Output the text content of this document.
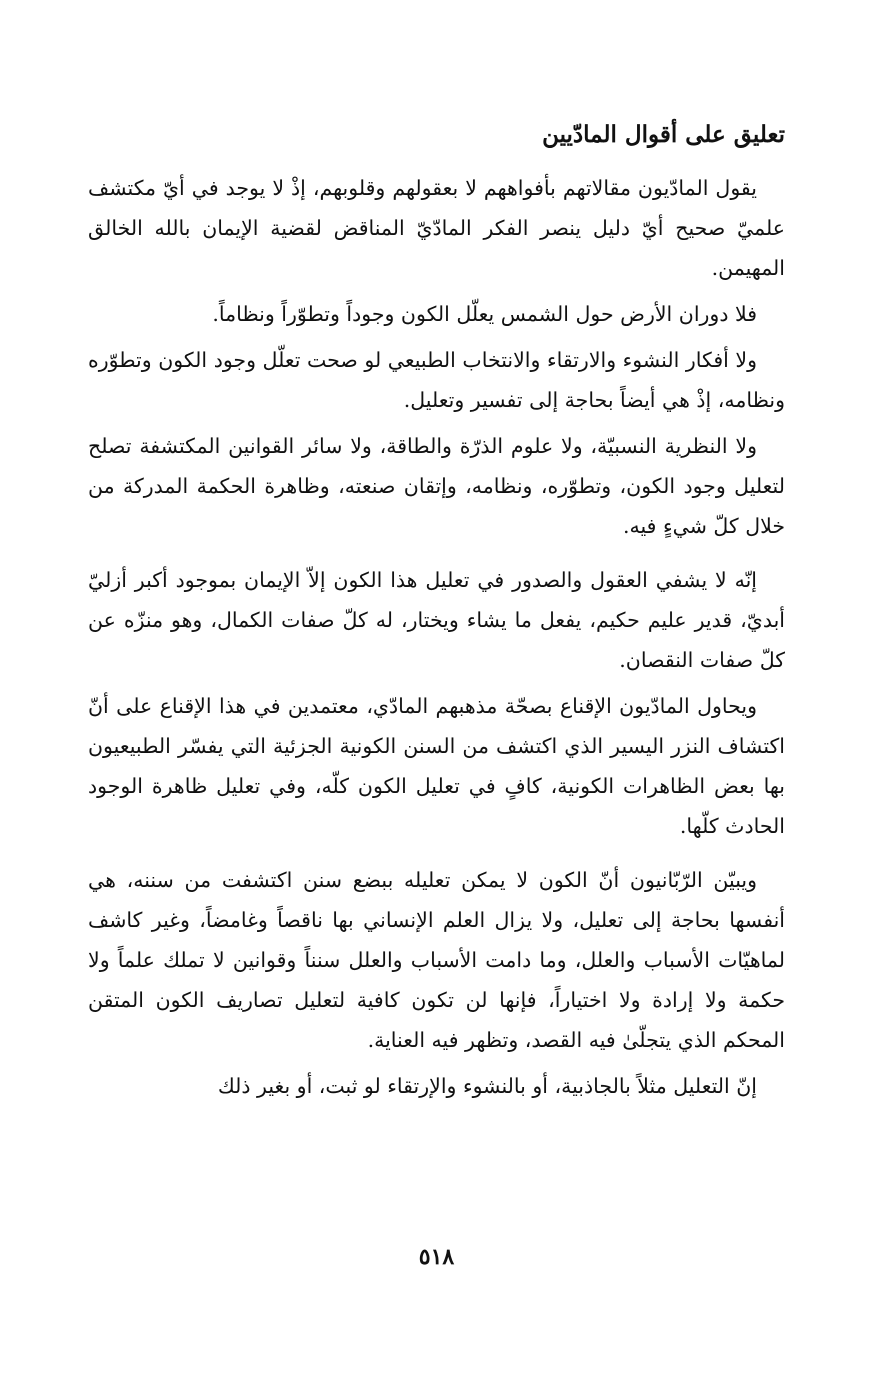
تعليق على أقوال المادّيين

يقول المادّيون مقالاتهم بأفواههم لا بعقولهم وقلوبهم، إذْ لا يوجد في أيّ مكتشف علميّ صحيح أيّ دليل ينصر الفكر المادّيّ المناقض لقضية الإيمان بالله الخالق المهيمن.

فلا دوران الأرض حول الشمس يعلّل الكون وجوداً وتطوّراً ونظاماً.

ولا أفكار النشوء والارتقاء والانتخاب الطبيعي لو صحت تعلّل وجود الكون وتطوّره ونظامه، إذْ هي أيضاً بحاجة إلى تفسير وتعليل.

ولا النظرية النسبيّة، ولا علوم الذرّة والطاقة، ولا سائر القوانين المكتشفة تصلح لتعليل وجود الكون، وتطوّره، ونظامه، وإتقان صنعته، وظاهرة الحكمة المدركة من خلال كلّ شيءٍ فيه.

إنّه لا يشفي العقول والصدور في تعليل هذا الكون إلاّ الإيمان بموجود أكبر أزليّ أبديّ، قدير عليم حكيم، يفعل ما يشاء ويختار، له كلّ صفات الكمال، وهو منزّه عن كلّ صفات النقصان.

ويحاول المادّيون الإقناع بصحّة مذهبهم المادّي، معتمدين في هذا الإقناع على أنّ اكتشاف النزر اليسير الذي اكتشف من السنن الكونية الجزئية التي يفسّر الطبيعيون بها بعض الظاهرات الكونية، كافٍ في تعليل الكون كلّه، وفي تعليل ظاهرة الوجود الحادث كلّها.

ويبيّن الرّبّانيون أنّ الكون لا يمكن تعليله ببضع سنن اكتشفت من سننه، هي أنفسها بحاجة إلى تعليل، ولا يزال العلم الإنساني بها ناقصاً وغامضاً، وغير كاشف لماهيّات الأسباب والعلل، وما دامت الأسباب والعلل سنناً وقوانين لا تملك علماً ولا حكمة ولا إرادة ولا اختياراً، فإنها لن تكون كافية لتعليل تصاريف الكون المتقن المحكم الذي يتجلّىٰ فيه القصد، وتظهر فيه العناية.

إنّ التعليل مثلاً بالجاذبية، أو بالنشوء والإرتقاء لو ثبت، أو بغير ذلك

٥١٨
